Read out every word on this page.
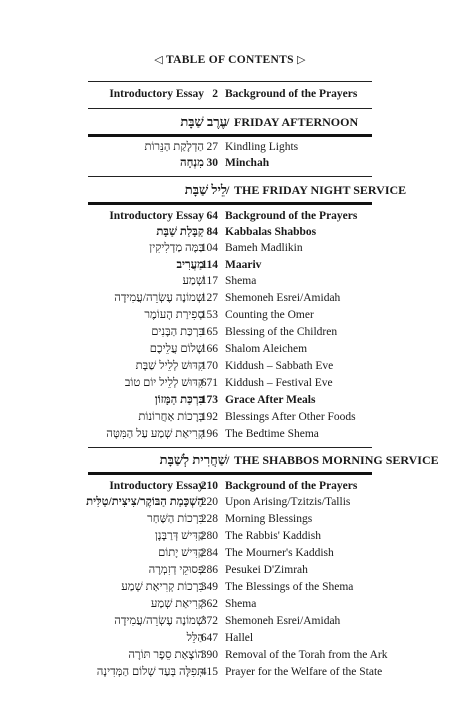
◁ TABLE OF CONTENTS ▷
Introductory Essay 2 Background of the Prayers
עֶרֶב שַׁבָּת / FRIDAY AFTERNOON
הַדְלָקַת הַנֵּרוֹת 27 Kindling Lights
מִנְחָה 30 Minchah
לֵיל שַׁבָּת / THE FRIDAY NIGHT SERVICE
Introductory Essay 64 Background of the Prayers
קַבָּלַת שַׁבָּת 84 Kabbalas Shabbos
בַּמֶּה מַדְלִיקִין
104 Bameh Madlikin
מַעֲרִיב
114 Maariv
שְׁמַע
117 Shema
שְׁמוֹנֶה עֶשְׂרֵה/עֲמִידָה
127 Shemoneh Esrei/Amidah
סְפִירַת הָעוֹמֶר
153 Counting the Omer
בִּרְכַּת הַבָּנִים
165 Blessing of the Children
שָׁלוֹם עֲלֵיכֶם
166 Shalom Aleichem
קִדּוּשׁ לְלֵיל שַׁבָּת
170 Kiddush – Sabbath Eve
קִדּוּשׁ לְלֵיל יוֹם טוֹב
671 Kiddush – Festival Eve
בִּרְכַּת הַמָּזוֹן
173 Grace After Meals
בְּרָכוֹת אַחֲרוֹנוֹת
192 Blessings After Other Foods
קְרִיאַת שְׁמַע עַל הַמִּטָּה
196 The Bedtime Shema
שַׁחֲרִית לְשַׁבָּת / THE SHABBOS MORNING SERVICE
Introductory Essay
210 Background of the Prayers
הַשְׁכָּמַת הַבּוֹקֶר/צִיצִית/טַלִּית
220 Upon Arising/Tzitzis/Tallis
בִּרְכוֹת הַשַּׁחַר
228 Morning Blessings
קַדִּישׁ דְּרַבָּנָן
280 The Rabbis' Kaddish
קַדִּישׁ יָתוֹם
284 The Mourner's Kaddish
פְּסוּקֵי דְזִמְרָה
286 Pesukei D'Zimrah
בִּרְכוֹת קְרִיאַת שְׁמַע
349 The Blessings of the Shema
קְרִיאַת שְׁמַע
362 Shema
שְׁמוֹנֶה עֶשְׂרֵה/עֲמִידָה
372 Shemoneh Esrei/Amidah
הַלֵּל
647 Hallel
הוֹצָאַת סֵפֶר תּוֹרָה
390 Removal of the Torah from the Ark
תְּפִלָּה בְּעַד שְׁלוֹם הַמְּדִינָה
415 Prayer for the Welfare of the State
